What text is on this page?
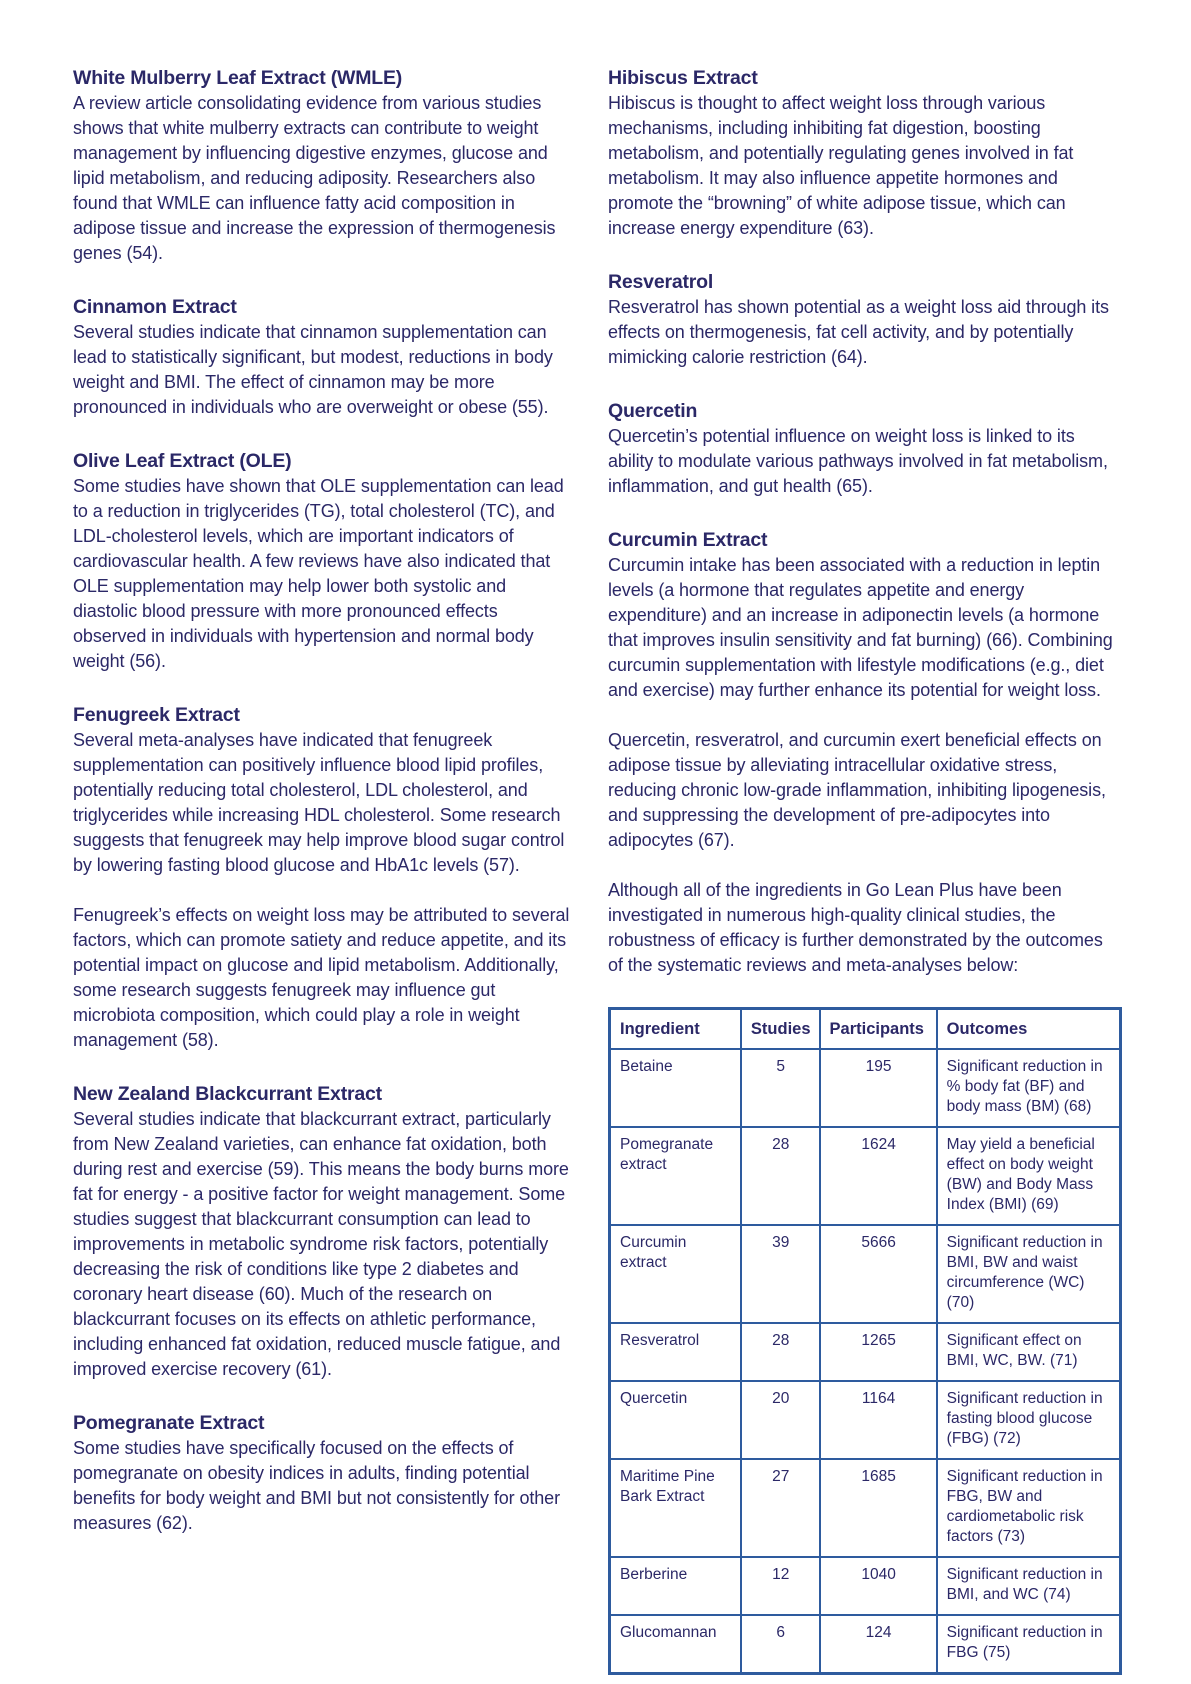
White Mulberry Leaf Extract (WMLE)

A review article consolidating evidence from various studies shows that white mulberry extracts can contribute to weight management by influencing digestive enzymes, glucose and lipid metabolism, and reducing adiposity. Researchers also found that WMLE can influence fatty acid composition in adipose tissue and increase the expression of thermogenesis genes (54).

Cinnamon Extract

Several studies indicate that cinnamon supplementation can lead to statistically significant, but modest, reductions in body weight and BMI. The effect of cinnamon may be more pronounced in individuals who are overweight or obese (55).

Olive Leaf Extract (OLE)

Some studies have shown that OLE supplementation can lead to a reduction in triglycerides (TG), total cholesterol (TC), and LDL-cholesterol levels, which are important indicators of cardiovascular health. A few reviews have also indicated that OLE supplementation may help lower both systolic and diastolic blood pressure with more pronounced effects observed in individuals with hypertension and normal body weight (56).

Fenugreek Extract

Several meta-analyses have indicated that fenugreek supplementation can positively influence blood lipid profiles, potentially reducing total cholesterol, LDL cholesterol, and triglycerides while increasing HDL cholesterol. Some research suggests that fenugreek may help improve blood sugar control by lowering fasting blood glucose and HbA1c levels (57).

Fenugreek’s effects on weight loss may be attributed to several factors, which can promote satiety and reduce appetite, and its potential impact on glucose and lipid metabolism. Additionally, some research suggests fenugreek may influence gut microbiota composition, which could play a role in weight management (58).

New Zealand Blackcurrant Extract

Several studies indicate that blackcurrant extract, particularly from New Zealand varieties, can enhance fat oxidation, both during rest and exercise (59). This means the body burns more fat for energy - a positive factor for weight management. Some studies suggest that blackcurrant consumption can lead to improvements in metabolic syndrome risk factors, potentially decreasing the risk of conditions like type 2 diabetes and coronary heart disease (60). Much of the research on blackcurrant focuses on its effects on athletic performance, including enhanced fat oxidation, reduced muscle fatigue, and improved exercise recovery (61).

Pomegranate Extract

Some studies have specifically focused on the effects of pomegranate on obesity indices in adults, finding potential benefits for body weight and BMI but not consistently for other measures (62).

Hibiscus Extract

Hibiscus is thought to affect weight loss through various mechanisms, including inhibiting fat digestion, boosting metabolism, and potentially regulating genes involved in fat metabolism. It may also influence appetite hormones and promote the “browning” of white adipose tissue, which can increase energy expenditure (63).

Resveratrol

Resveratrol has shown potential as a weight loss aid through its effects on thermogenesis, fat cell activity, and by potentially mimicking calorie restriction (64).

Quercetin

Quercetin’s potential influence on weight loss is linked to its ability to modulate various pathways involved in fat metabolism, inflammation, and gut health (65).

Curcumin Extract

Curcumin intake has been associated with a reduction in leptin levels (a hormone that regulates appetite and energy expenditure) and an increase in adiponectin levels (a hormone that improves insulin sensitivity and fat burning) (66). Combining curcumin supplementation with lifestyle modifications (e.g., diet and exercise) may further enhance its potential for weight loss.

Quercetin, resveratrol, and curcumin exert beneficial effects on adipose tissue by alleviating intracellular oxidative stress, reducing chronic low-grade inflammation, inhibiting lipogenesis, and suppressing the development of pre-adipocytes into adipocytes (67).

Although all of the ingredients in Go Lean Plus have been investigated in numerous high-quality clinical studies, the robustness of efficacy is further demonstrated by the outcomes of the systematic reviews and meta-analyses below:

Ingredient	Studies	Participants	Outcomes
Betaine	5	195	Significant reduction in % body fat (BF) and body mass (BM) (68)
Pomegranate extract	28	1624	May yield a beneficial effect on body weight (BW) and Body Mass Index (BMI) (69)
Curcumin extract	39	5666	Significant reduction in BMI, BW and waist circumference (WC) (70)
Resveratrol	28	1265	Significant effect on BMI, WC, BW. (71)
Quercetin	20	1164	Significant reduction in fasting blood glucose (FBG) (72)
Maritime Pine Bark Extract	27	1685	Significant reduction in FBG, BW and cardiometabolic risk factors (73)
Berberine	12	1040	Significant reduction in BMI, and WC (74)
Glucomannan	6	124	Significant reduction in FBG (75)
